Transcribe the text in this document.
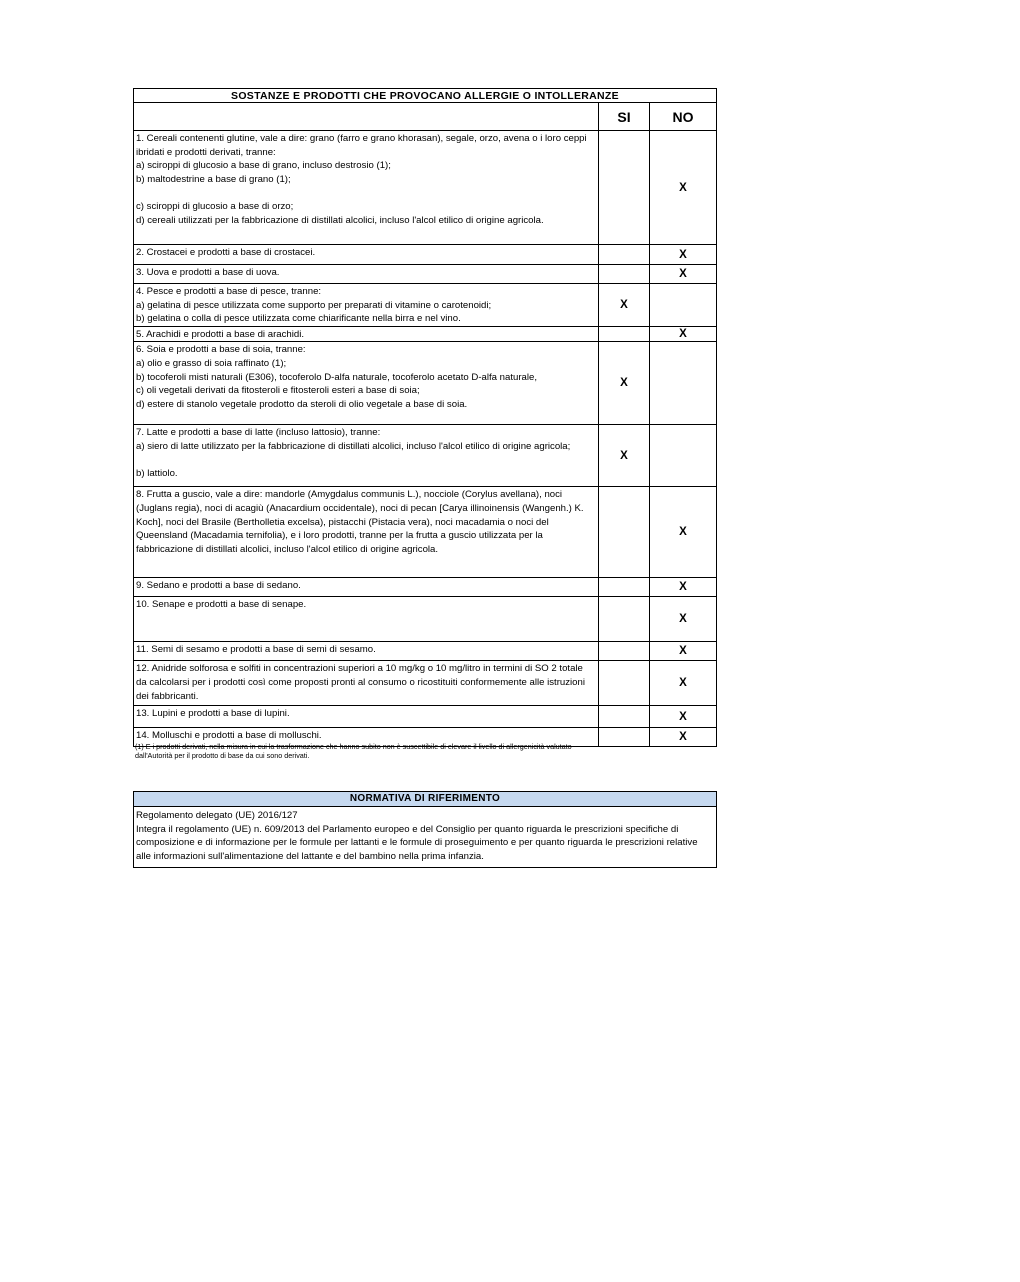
SOSTANZE E PRODOTTI CHE PROVOCANO ALLERGIE O INTOLLERANZE		
	SI	NO

1. Cereali contenenti glutine, vale a dire: grano (farro e grano khorasan), segale, orzo, avena o i loro ceppi ibridati e prodotti derivati, tranne:
a) sciroppi di glucosio a base di grano, incluso destrosio (1);
b) maltodestrine a base di grano (1);
c) sciroppi di glucosio a base di orzo;
d) cereali utilizzati per la fabbricazione di distillati alcolici, incluso l'alcol etilico di origine agricola.		X

2. Crostacei e prodotti a base di crostacei.		X

3. Uova e prodotti a base di uova.		X

4. Pesce e prodotti a base di pesce, tranne:
a) gelatina di pesce utilizzata come supporto per preparati di vitamine o carotenoidi;
b) gelatina o colla di pesce utilizzata come chiarificante nella birra e nel vino.	X	

5. Arachidi e prodotti a base di arachidi.		X

6. Soia e prodotti a base di soia, tranne:
a) olio e grasso di soia raffinato (1);
b) tocoferoli misti naturali (E306), tocoferolo D-alfa naturale, tocoferolo acetato D-alfa naturale,
c) oli vegetali derivati da fitosteroli e fitosteroli esteri a base di soia;
d) estere di stanolo vegetale prodotto da steroli di olio vegetale a base di soia.	X	

7. Latte e prodotti a base di latte (incluso lattosio), tranne:
a) siero di latte utilizzato per la fabbricazione di distillati alcolici, incluso l'alcol etilico di origine agricola;
b) lattiolo.	X	

8. Frutta a guscio, vale a dire: mandorle (Amygdalus communis L.), nocciole (Corylus avellana), noci (Juglans regia), noci di acagiù (Anacardium occidentale), noci di pecan [Carya illinoinensis (Wangenh.) K. Koch], noci del Brasile (Bertholletia excelsa), pistacchi (Pistacia vera), noci macadamia o noci del Queensland (Macadamia ternifolia), e i loro prodotti, tranne per la frutta a guscio utilizzata per la fabbricazione di distillati alcolici, incluso l'alcol etilico di origine agricola.		X

9. Sedano e prodotti a base di sedano.		X

10. Senape e prodotti a base di senape.		X

11. Semi di sesamo e prodotti a base di semi di sesamo.		X

12. Anidride solforosa e solfiti in concentrazioni superiori a 10 mg/kg o 10 mg/litro in termini di SO 2 totale da calcolarsi per i prodotti così come proposti pronti al consumo o ricostituiti conformemente alle istruzioni dei fabbricanti.		X

13. Lupini e prodotti a base di lupini.		X

14. Molluschi e prodotti a base di molluschi.		X
(1) E i prodotti derivati, nella misura in cui la trasformazione che hanno subito non è suscettibile di elevare il livello di allergenicità valutato dall'Autorità per il prodotto di base da cui sono derivati.
NORMATIVA DI RIFERIMENTO
Regolamento delegato (UE) 2016/127
Integra il regolamento (UE) n. 609/2013 del Parlamento europeo e del Consiglio per quanto riguarda le prescrizioni specifiche di composizione e di informazione per le formule per lattanti e le formule di proseguimento e per quanto riguarda le prescrizioni relative alle informazioni sull'alimentazione del lattante e del bambino nella prima infanzia.
